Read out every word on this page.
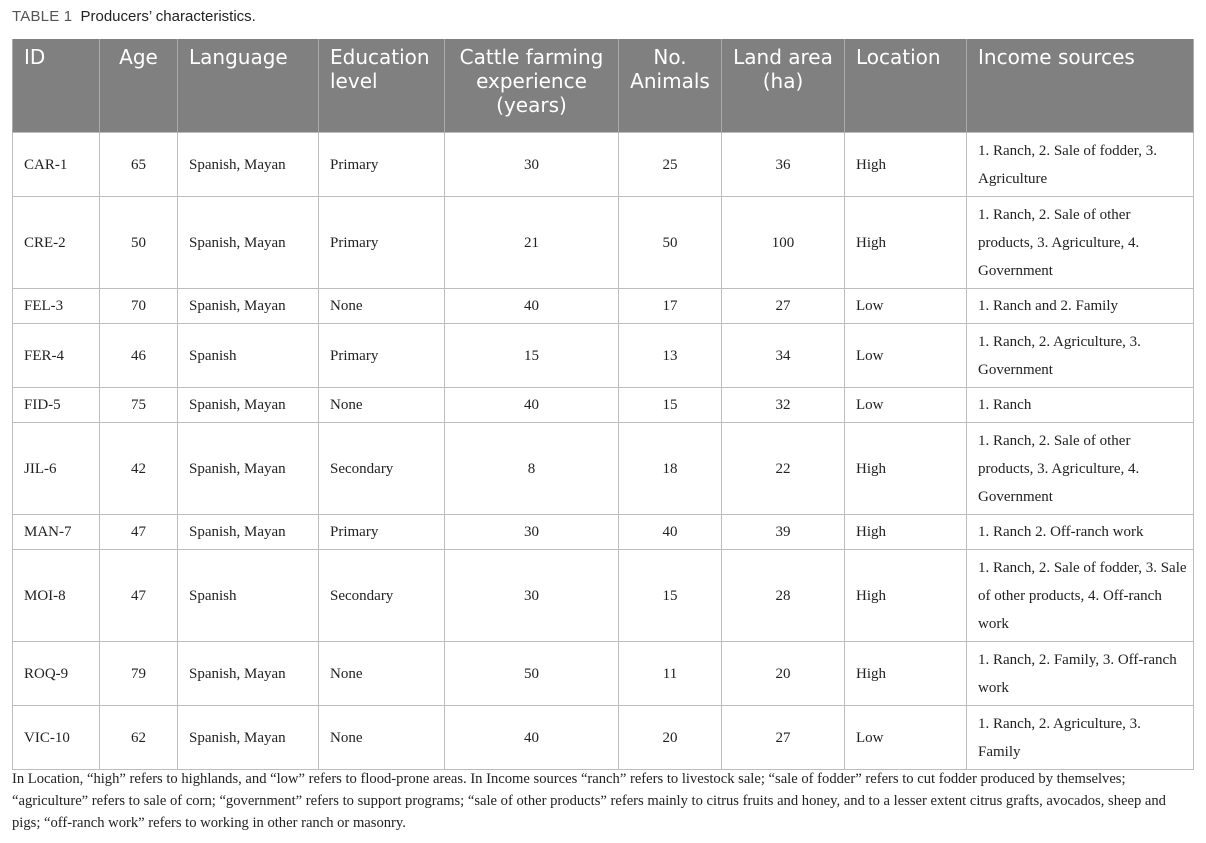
TABLE 1 Producers’ characteristics.
ID	Age	Language	Education level	Cattle farming experience (years)	No. Animals	Land area (ha)	Location	Income sources
CAR-1	65	Spanish, Mayan	Primary	30	25	36	High	1. Ranch, 2. Sale of fodder, 3. Agriculture
CRE-2	50	Spanish, Mayan	Primary	21	50	100	High	1. Ranch, 2. Sale of other products, 3. Agriculture, 4. Government
FEL-3	70	Spanish, Mayan	None	40	17	27	Low	1. Ranch and 2. Family
FER-4	46	Spanish	Primary	15	13	34	Low	1. Ranch, 2. Agriculture, 3. Government
FID-5	75	Spanish, Mayan	None	40	15	32	Low	1. Ranch
JIL-6	42	Spanish, Mayan	Secondary	8	18	22	High	1. Ranch, 2. Sale of other products, 3. Agriculture, 4. Government
MAN-7	47	Spanish, Mayan	Primary	30	40	39	High	1. Ranch 2. Off-ranch work
MOI-8	47	Spanish	Secondary	30	15	28	High	1. Ranch, 2. Sale of fodder, 3. Sale of other products, 4. Off-ranch work
ROQ-9	79	Spanish, Mayan	None	50	11	20	High	1. Ranch, 2. Family, 3. Off-ranch work
VIC-10	62	Spanish, Mayan	None	40	20	27	Low	1. Ranch, 2. Agriculture, 3. Family
In Location, “high” refers to highlands, and “low” refers to flood-prone areas. In Income sources “ranch” refers to livestock sale; “sale of fodder” refers to cut fodder produced by themselves; “agriculture” refers to sale of corn; “government” refers to support programs; “sale of other products” refers mainly to citrus fruits and honey, and to a lesser extent citrus grafts, avocados, sheep and pigs; “off-ranch work” refers to working in other ranch or masonry.
